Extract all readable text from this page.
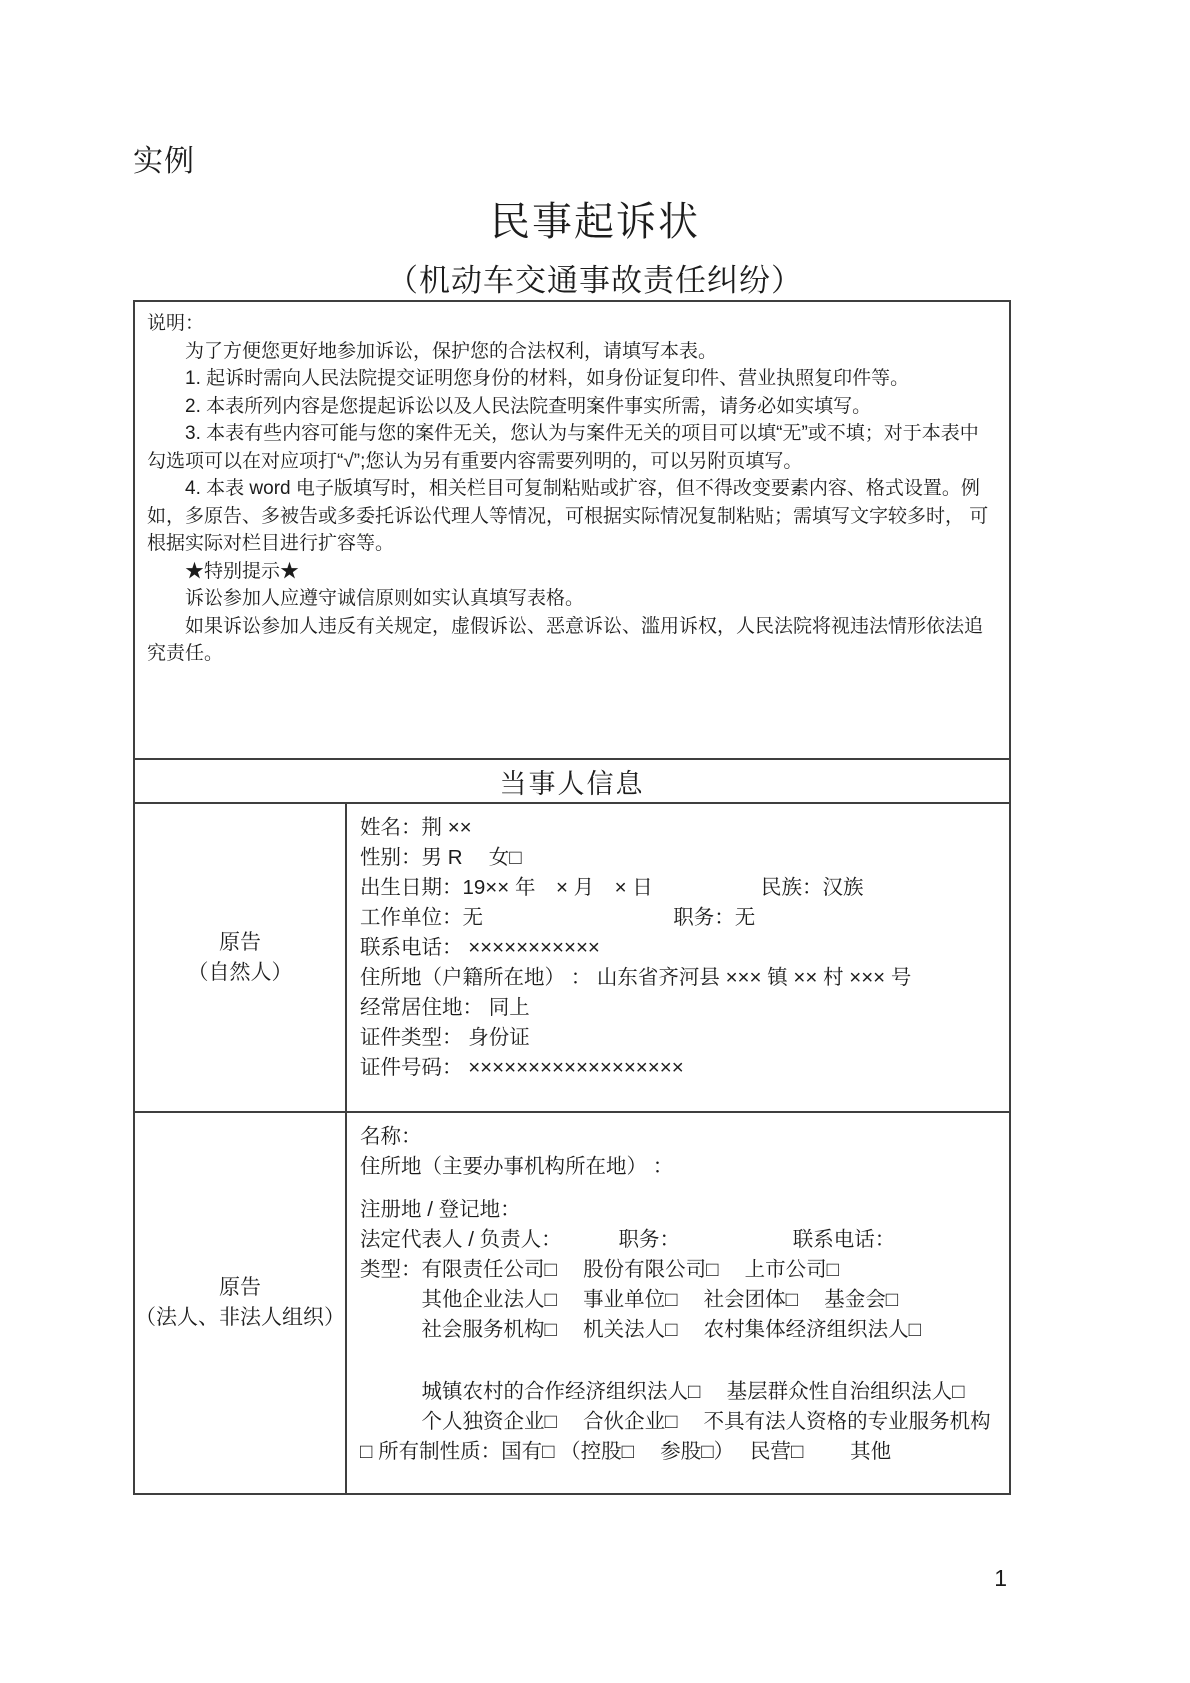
实例
民事起诉状
（机动车交通事故责任纠纷）

说明：

为了方便您更好地参加诉讼，保护您的合法权利，请填写本表。

1. 起诉时需向人民法院提交证明您身份的材料，如身份证复印件、营业执照复印件等。

2. 本表所列内容是您提起诉讼以及人民法院查明案件事实所需，请务必如实填写。

3. 本表有些内容可能与您的案件无关，您认为与案件无关的项目可以填“无”或不填；对于本表中勾选项可以在对应项打“√”;您认为另有重要内容需要列明的，可以另附页填写。

4. 本表 word 电子版填写时，相关栏目可复制粘贴或扩容，但不得改变要素内容、格式设置。例 如，多原告、多被告或多委托诉讼代理人等情况，可根据实际情况复制粘贴；需填写文字较多时， 可根据实际对栏目进行扩容等。

★特别提示★

诉讼参加人应遵守诚信原则如实认真填写表格。

如果诉讼参加人违反有关规定，虚假诉讼、恶意诉讼、滥用诉权，人民法院将视违法情形依法追究责任。

当事人信息
原告
（自然人）
姓名：荆 ××
性别：男 R　 女□
出生日期：19×× 年　× 月　× 日　　　　　 民族：汉族
工作单位：无　　　　　　　　　 职务：无
联系电话： ×××××××××××
住所地（户籍所在地） ： 山东省齐河县 ××× 镇 ×× 村 ××× 号
经常居住地： 同上
证件类型： 身份证
证件号码： ××××××××××××××××××
原告
（法人、非法人组织）
名称：
住所地（主要办事机构所在地） ：
注册地 / 登记地：
法定代表人 / 负责人：　　　 职务：　　　　　　联系电话：
类型：有限责任公司□　 股份有限公司□　 上市公司□
　　　其他企业法人□　 事业单位□　 社会团体□　 基金会□
　　　社会服务机构□　 机关法人□　 农村集体经济组织法人□
　　　城镇农村的合作经济组织法人□　 基层群众性自治组织法人□
　　　个人独资企业□　 合伙企业□　 不具有法人资格的专业服务机构
□ 所有制性质：国有□ （控股□　 参股□）　 民营□　　 其他
1
